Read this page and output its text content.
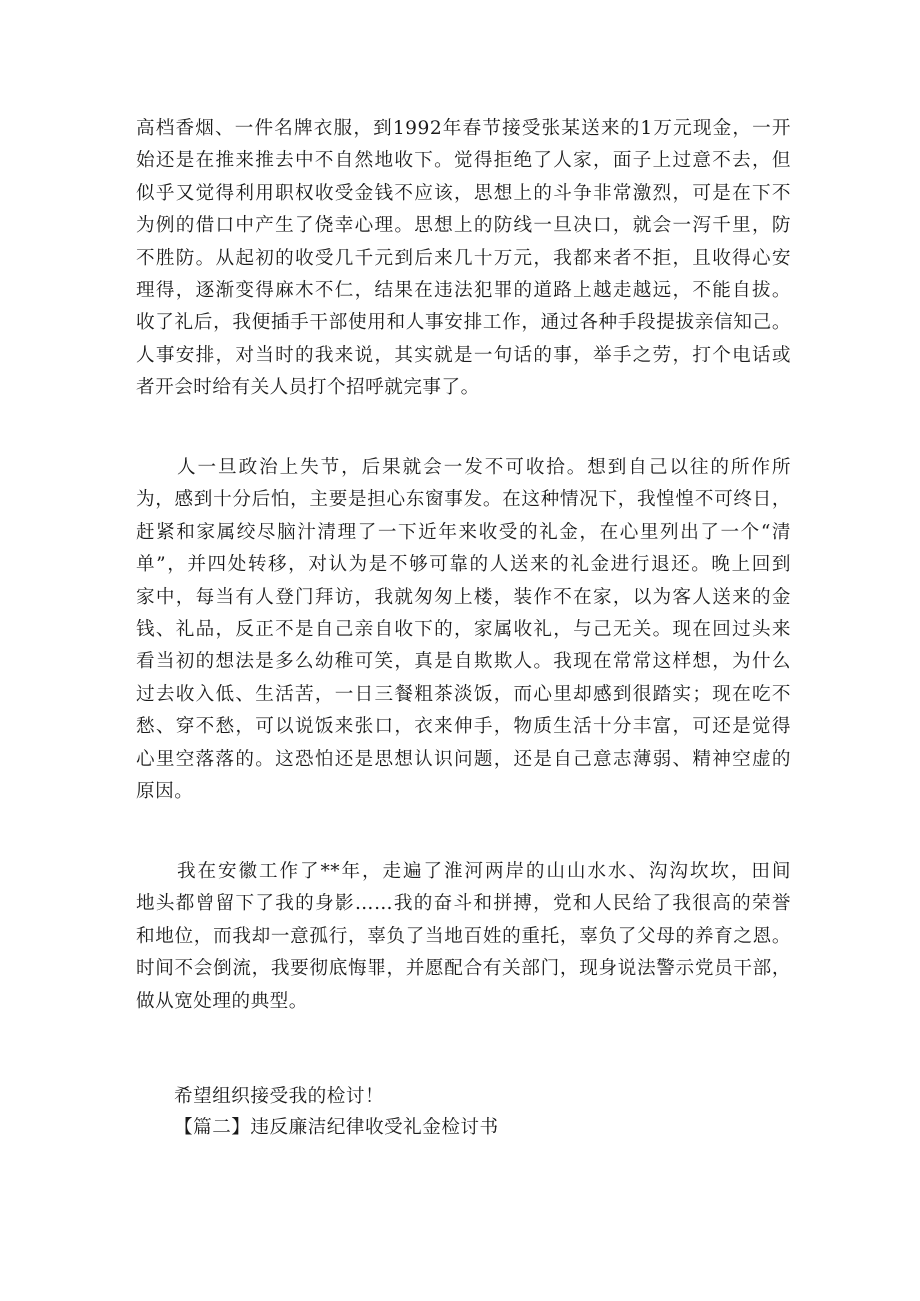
高档香烟、一件名牌衣服，到1992年春节接受张某送来的1万元现金，一开
始还是在推来推去中不自然地收下。觉得拒绝了人家，面子上过意不去，但
似乎又觉得利用职权收受金钱不应该，思想上的斗争非常激烈，可是在下不
为例的借口中产生了侥幸心理。思想上的防线一旦决口，就会一泻千里，防
不胜防。从起初的收受几千元到后来几十万元，我都来者不拒，且收得心安
理得，逐渐变得麻木不仁，结果在违法犯罪的道路上越走越远，不能自拔。
收了礼后，我便插手干部使用和人事安排工作，通过各种手段提拔亲信知己。
人事安排，对当时的我来说，其实就是一句话的事，举手之劳，打个电话或
者开会时给有关人员打个招呼就完事了。
　　人一旦政治上失节，后果就会一发不可收拾。想到自己以往的所作所
为，感到十分后怕，主要是担心东窗事发。在这种情况下，我惶惶不可终日，
赶紧和家属绞尽脑汁清理了一下近年来收受的礼金，在心里列出了一个“清
单”，并四处转移，对认为是不够可靠的人送来的礼金进行退还。晚上回到
家中，每当有人登门拜访，我就匆匆上楼，装作不在家，以为客人送来的金
钱、礼品，反正不是自己亲自收下的，家属收礼，与己无关。现在回过头来
看当初的想法是多么幼稚可笑，真是自欺欺人。我现在常常这样想，为什么
过去收入低、生活苦，一日三餐粗茶淡饭，而心里却感到很踏实；现在吃不
愁、穿不愁，可以说饭来张口，衣来伸手，物质生活十分丰富，可还是觉得
心里空落落的。这恐怕还是思想认识问题，还是自己意志薄弱、精神空虚的
原因。
　　我在安徽工作了**年，走遍了淮河两岸的山山水水、沟沟坎坎，田间
地头都曾留下了我的身影……我的奋斗和拼搏，党和人民给了我很高的荣誉
和地位，而我却一意孤行，辜负了当地百姓的重托，辜负了父母的养育之恩。
时间不会倒流，我要彻底悔罪，并愿配合有关部门，现身说法警示党员干部，
做从宽处理的典型。

希望组织接受我的检讨！

【篇二】违反廉洁纪律收受礼金检讨书
